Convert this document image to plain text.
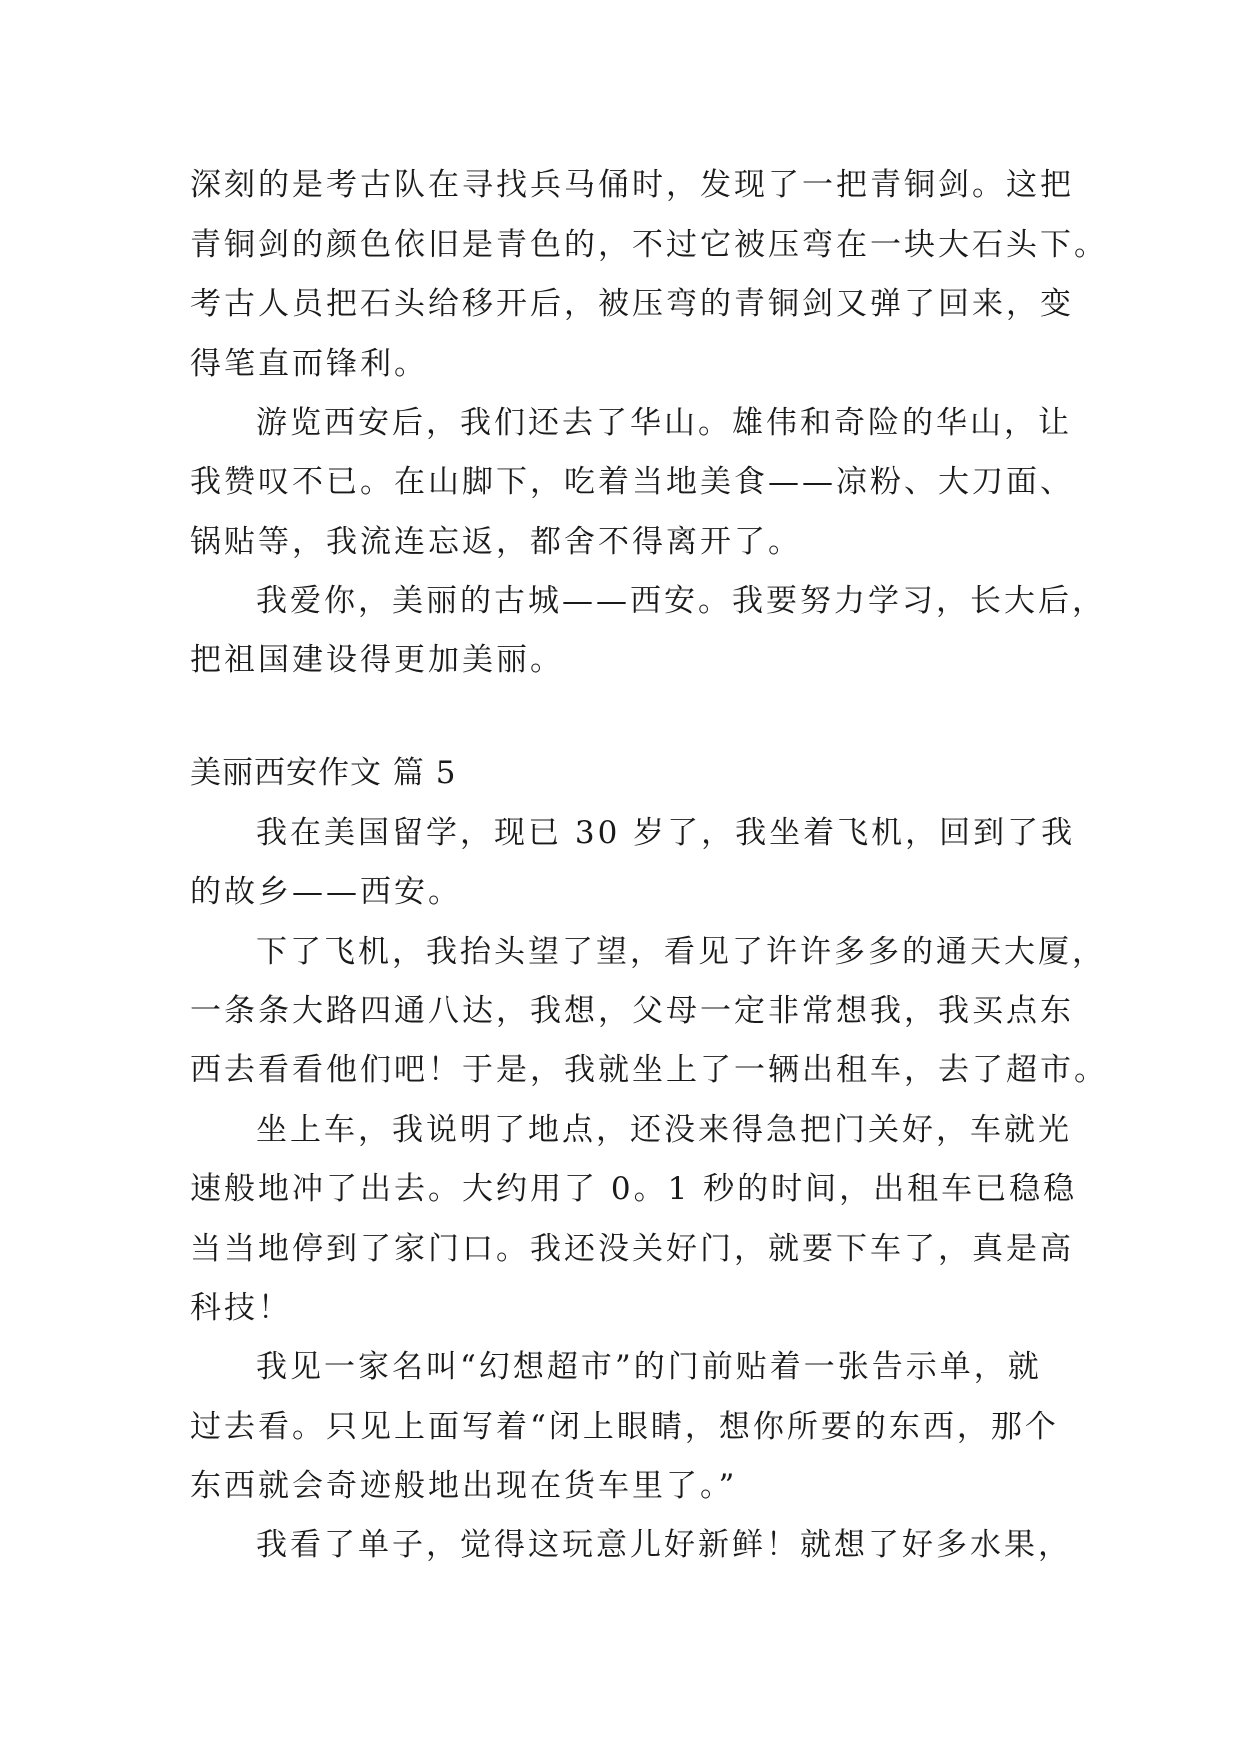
深刻的是考古队在寻找兵马俑时，发现了一把青铜剑。这把
青铜剑的颜色依旧是青色的，不过它被压弯在一块大石头下。
考古人员把石头给移开后，被压弯的青铜剑又弹了回来，变
得笔直而锋利。
游览西安后，我们还去了华山。雄伟和奇险的华山，让
我赞叹不已。在山脚下，吃着当地美食——凉粉、大刀面、
锅贴等，我流连忘返，都舍不得离开了。
我爱你，美丽的古城——西安。我要努力学习，长大后，
把祖国建设得更加美丽。
美丽西安作文 篇 5
我在美国留学，现已 30 岁了，我坐着飞机，回到了我
的故乡——西安。
下了飞机，我抬头望了望，看见了许许多多的通天大厦，
一条条大路四通八达，我想，父母一定非常想我，我买点东
西去看看他们吧！于是，我就坐上了一辆出租车，去了超市。
坐上车，我说明了地点，还没来得急把门关好，车就光
速般地冲了出去。大约用了 0。1 秒的时间，出租车已稳稳
当当地停到了家门口。我还没关好门，就要下车了，真是高
科技！
我见一家名叫“幻想超市”的门前贴着一张告示单，就
过去看。只见上面写着“闭上眼睛，想你所要的东西，那个
东西就会奇迹般地出现在货车里了。”
我看了单子，觉得这玩意儿好新鲜！就想了好多水果，
